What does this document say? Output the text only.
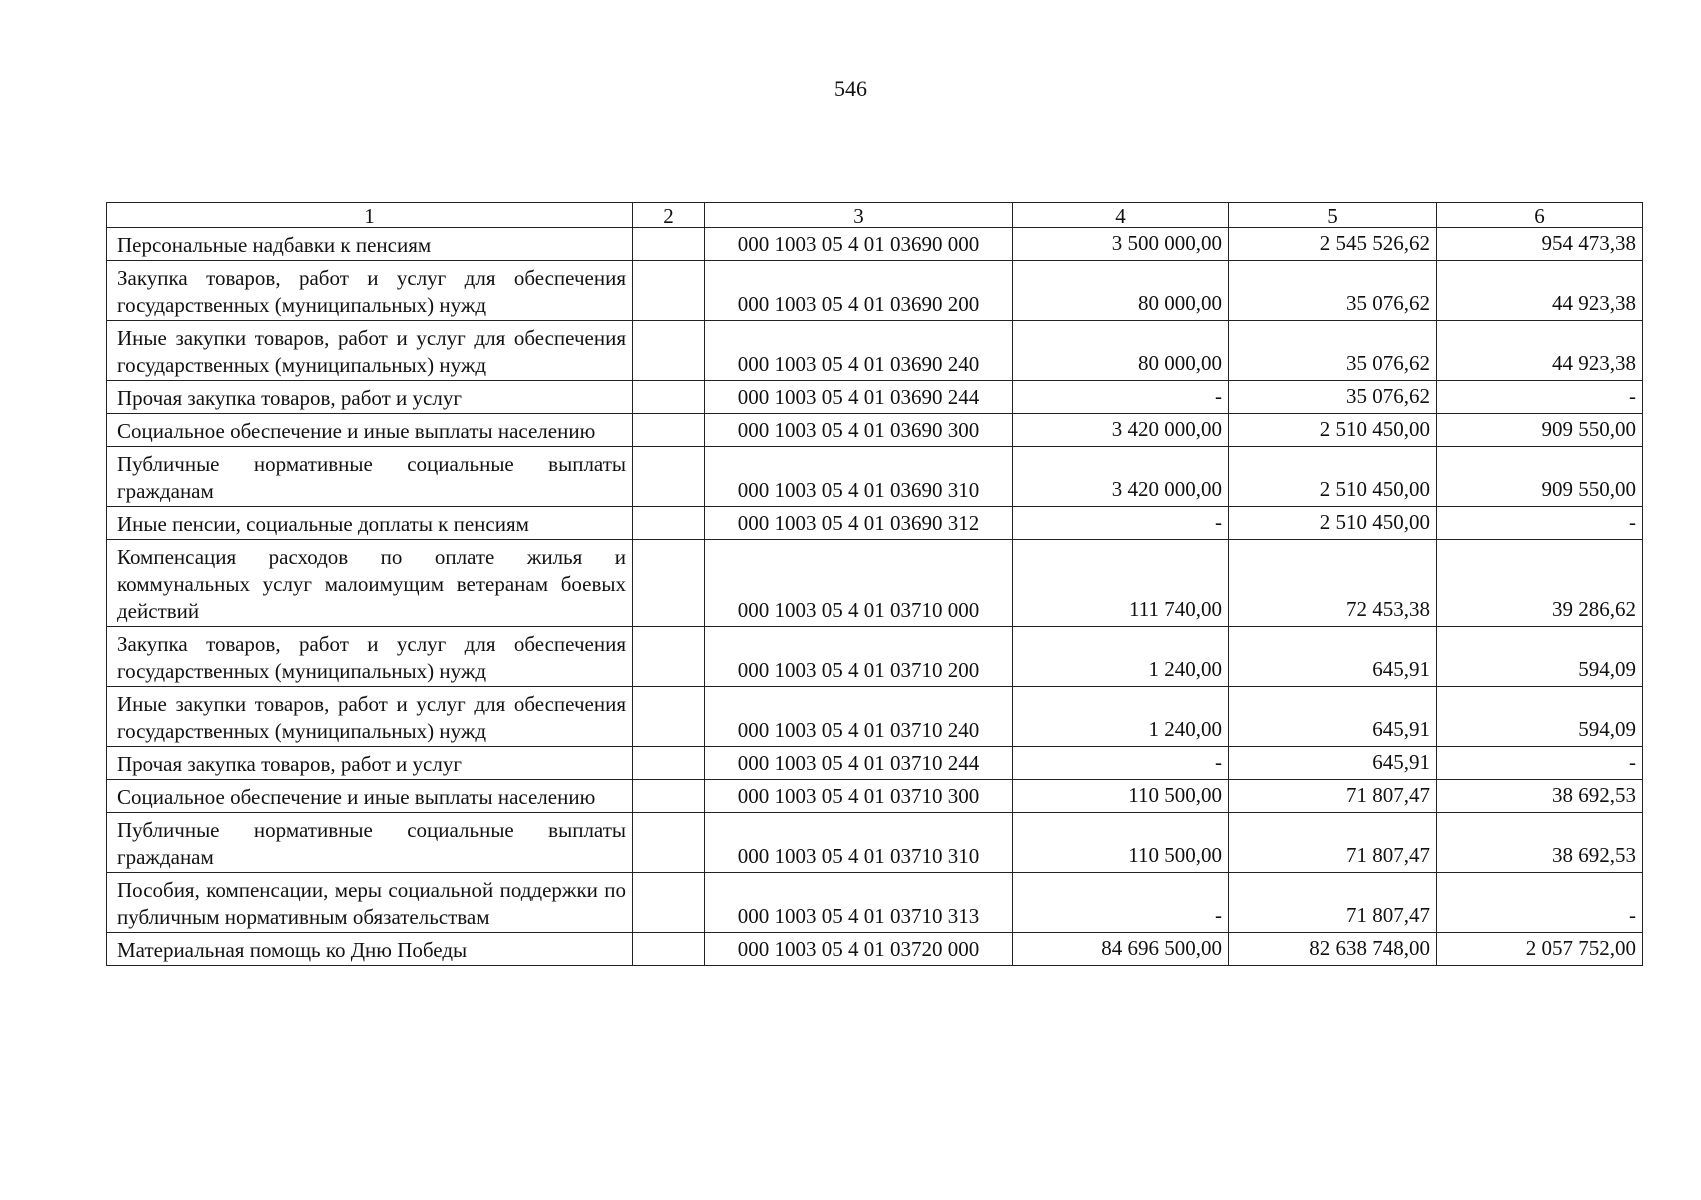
546
1	2	3	4	5	6
Персональные надбавки к пенсиям		000 1003 05 4 01 03690 000	3 500 000,00	2 545 526,62	954 473,38
Закупка товаров, работ и услуг для обеспечения государственных (муниципальных) нужд		000 1003 05 4 01 03690 200	80 000,00	35 076,62	44 923,38
Иные закупки товаров, работ и услуг для обеспечения государственных (муниципальных) нужд		000 1003 05 4 01 03690 240	80 000,00	35 076,62	44 923,38
Прочая закупка товаров, работ и услуг		000 1003 05 4 01 03690 244	-	35 076,62	-
Социальное обеспечение и иные выплаты населению		000 1003 05 4 01 03690 300	3 420 000,00	2 510 450,00	909 550,00
Публичные нормативные социальные выплаты гражданам		000 1003 05 4 01 03690 310	3 420 000,00	2 510 450,00	909 550,00
Иные пенсии, социальные доплаты к пенсиям		000 1003 05 4 01 03690 312	-	2 510 450,00	-
Компенсация расходов по оплате жилья и коммунальных услуг малоимущим ветеранам боевых действий		000 1003 05 4 01 03710 000	111 740,00	72 453,38	39 286,62
Закупка товаров, работ и услуг для обеспечения государственных (муниципальных) нужд		000 1003 05 4 01 03710 200	1 240,00	645,91	594,09
Иные закупки товаров, работ и услуг для обеспечения государственных (муниципальных) нужд		000 1003 05 4 01 03710 240	1 240,00	645,91	594,09
Прочая закупка товаров, работ и услуг		000 1003 05 4 01 03710 244	-	645,91	-
Социальное обеспечение и иные выплаты населению		000 1003 05 4 01 03710 300	110 500,00	71 807,47	38 692,53
Публичные нормативные социальные выплаты гражданам		000 1003 05 4 01 03710 310	110 500,00	71 807,47	38 692,53
Пособия, компенсации, меры социальной поддержки по публичным нормативным обязательствам		000 1003 05 4 01 03710 313	-	71 807,47	-
Материальная помощь ко Дню Победы		000 1003 05 4 01 03720 000	84 696 500,00	82 638 748,00	2 057 752,00
